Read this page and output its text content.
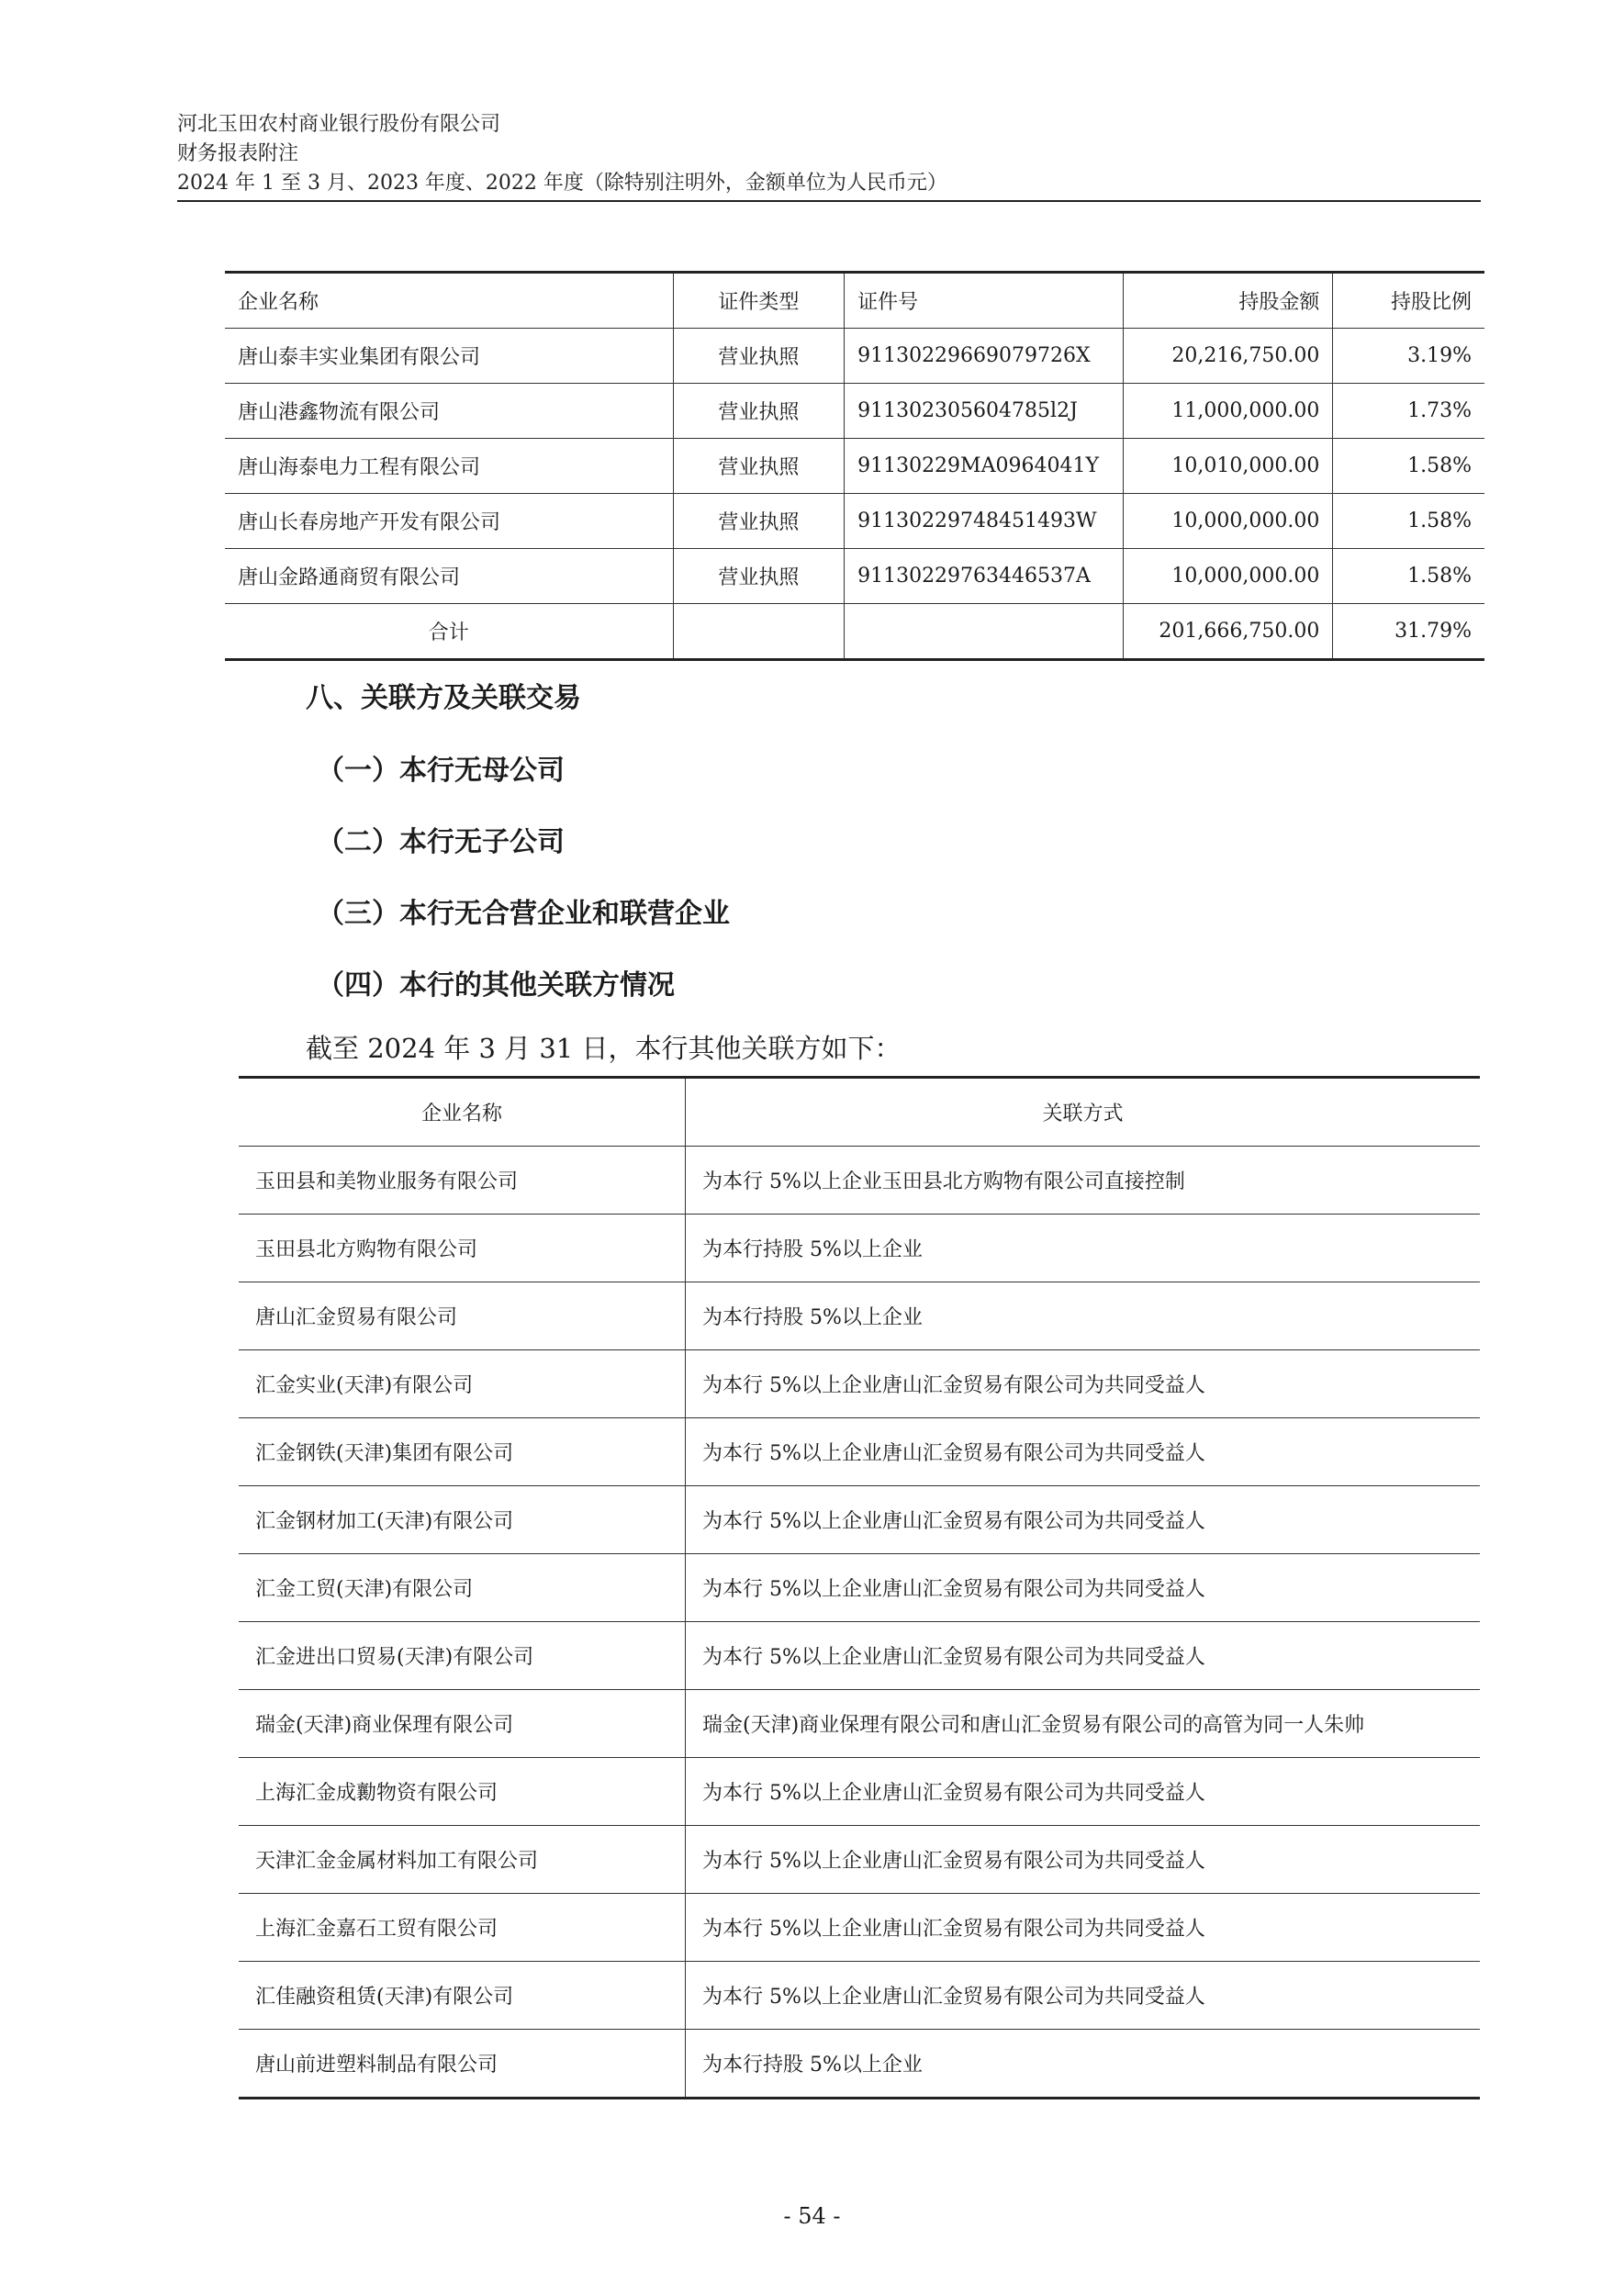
河北玉田农村商业银行股份有限公司
财务报表附注
2024 年 1 至 3 月、2023 年度、2022 年度（除特别注明外，金额单位为人民币元）
企业名称	证件类型	证件号	持股金额	持股比例
唐山泰丰实业集团有限公司	营业执照	91130229669079726X	20,216,750.00	3.19%
唐山港鑫物流有限公司	营业执照	911302305604785l2J	11,000,000.00	1.73%
唐山海泰电力工程有限公司	营业执照	91130229MA0964041Y	10,010,000.00	1.58%
唐山长春房地产开发有限公司	营业执照	91130229748451493W	10,000,000.00	1.58%
唐山金路通商贸有限公司	营业执照	91130229763446537A	10,000,000.00	1.58%
合计			201,666,750.00	31.79%
八、关联方及关联交易
（一）本行无母公司
（二）本行无子公司
（三）本行无合营企业和联营企业
（四）本行的其他关联方情况
截至 2024 年 3 月 31 日，本行其他关联方如下：
企业名称	关联方式
玉田县和美物业服务有限公司	为本行 5%以上企业玉田县北方购物有限公司直接控制
玉田县北方购物有限公司	为本行持股 5%以上企业
唐山汇金贸易有限公司	为本行持股 5%以上企业
汇金实业(天津)有限公司	为本行 5%以上企业唐山汇金贸易有限公司为共同受益人
汇金钢铁(天津)集团有限公司	为本行 5%以上企业唐山汇金贸易有限公司为共同受益人
汇金钢材加工(天津)有限公司	为本行 5%以上企业唐山汇金贸易有限公司为共同受益人
汇金工贸(天津)有限公司	为本行 5%以上企业唐山汇金贸易有限公司为共同受益人
汇金进出口贸易(天津)有限公司	为本行 5%以上企业唐山汇金贸易有限公司为共同受益人
瑞金(天津)商业保理有限公司	瑞金(天津)商业保理有限公司和唐山汇金贸易有限公司的高管为同一人朱帅
上海汇金成勷物资有限公司	为本行 5%以上企业唐山汇金贸易有限公司为共同受益人
天津汇金金属材料加工有限公司	为本行 5%以上企业唐山汇金贸易有限公司为共同受益人
上海汇金嘉石工贸有限公司	为本行 5%以上企业唐山汇金贸易有限公司为共同受益人
汇佳融资租赁(天津)有限公司	为本行 5%以上企业唐山汇金贸易有限公司为共同受益人
唐山前进塑料制品有限公司	为本行持股 5%以上企业
- 54 -
